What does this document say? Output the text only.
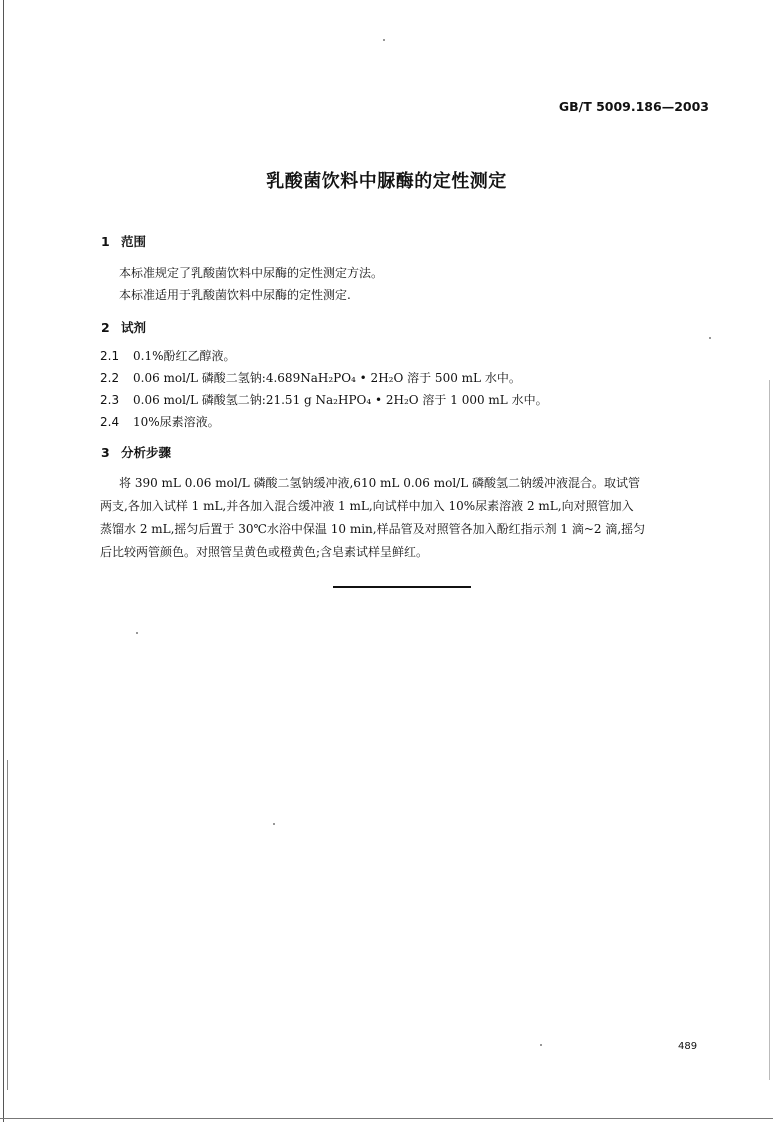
GB/T 5009.186—2003
乳酸菌饮料中脲酶的定性测定
1 范围
本标准规定了乳酸菌饮料中尿酶的定性测定方法。
本标准适用于乳酸菌饮料中尿酶的定性测定.
2 试剂
2.1 0.1%酚红乙醇液。
2.2 0.06 mol/L 磷酸二氢钠:4.689NaH₂PO₄ • 2H₂O 溶于 500 mL 水中。
2.3 0.06 mol/L 磷酸氢二钠:21.51 g Na₂HPO₄ • 2H₂O 溶于 1 000 mL 水中。
2.4 10%尿素溶液。
3 分析步骤
将 390 mL 0.06 mol/L 磷酸二氢钠缓冲液,610 mL 0.06 mol/L 磷酸氢二钠缓冲液混合。取试管
两支,各加入试样 1 mL,并各加入混合缓冲液 1 mL,向试样中加入 10%尿素溶液 2 mL,向对照管加入
蒸馏水 2 mL,摇匀后置于 30℃水浴中保温 10 min,样品管及对照管各加入酚红指示剂 1 滴~2 滴,摇匀
后比较两管颜色。对照管呈黄色或橙黄色;含皂素试样呈鲜红。
489
